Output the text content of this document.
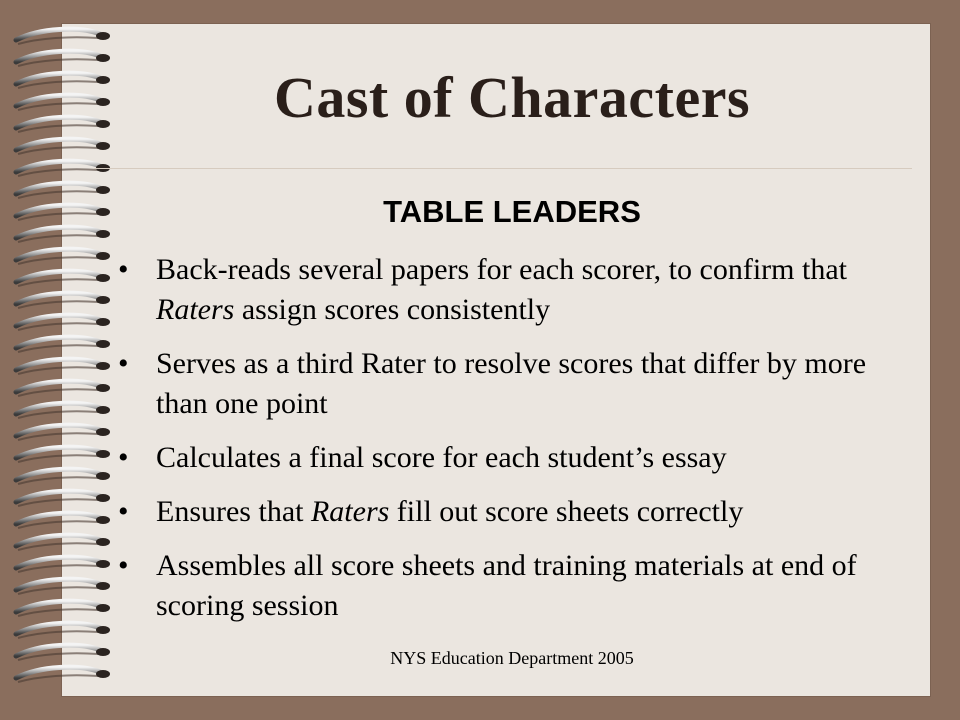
Cast of Characters
TABLE LEADERS
• Back-reads several papers for each scorer, to confirm that Raters assign scores consistently
• Serves as a third Rater to resolve scores that differ by more than one point
• Calculates a final score for each student’s essay
• Ensures that Raters fill out score sheets correctly
• Assembles all score sheets and training materials at end of scoring session
NYS Education Department 2005
